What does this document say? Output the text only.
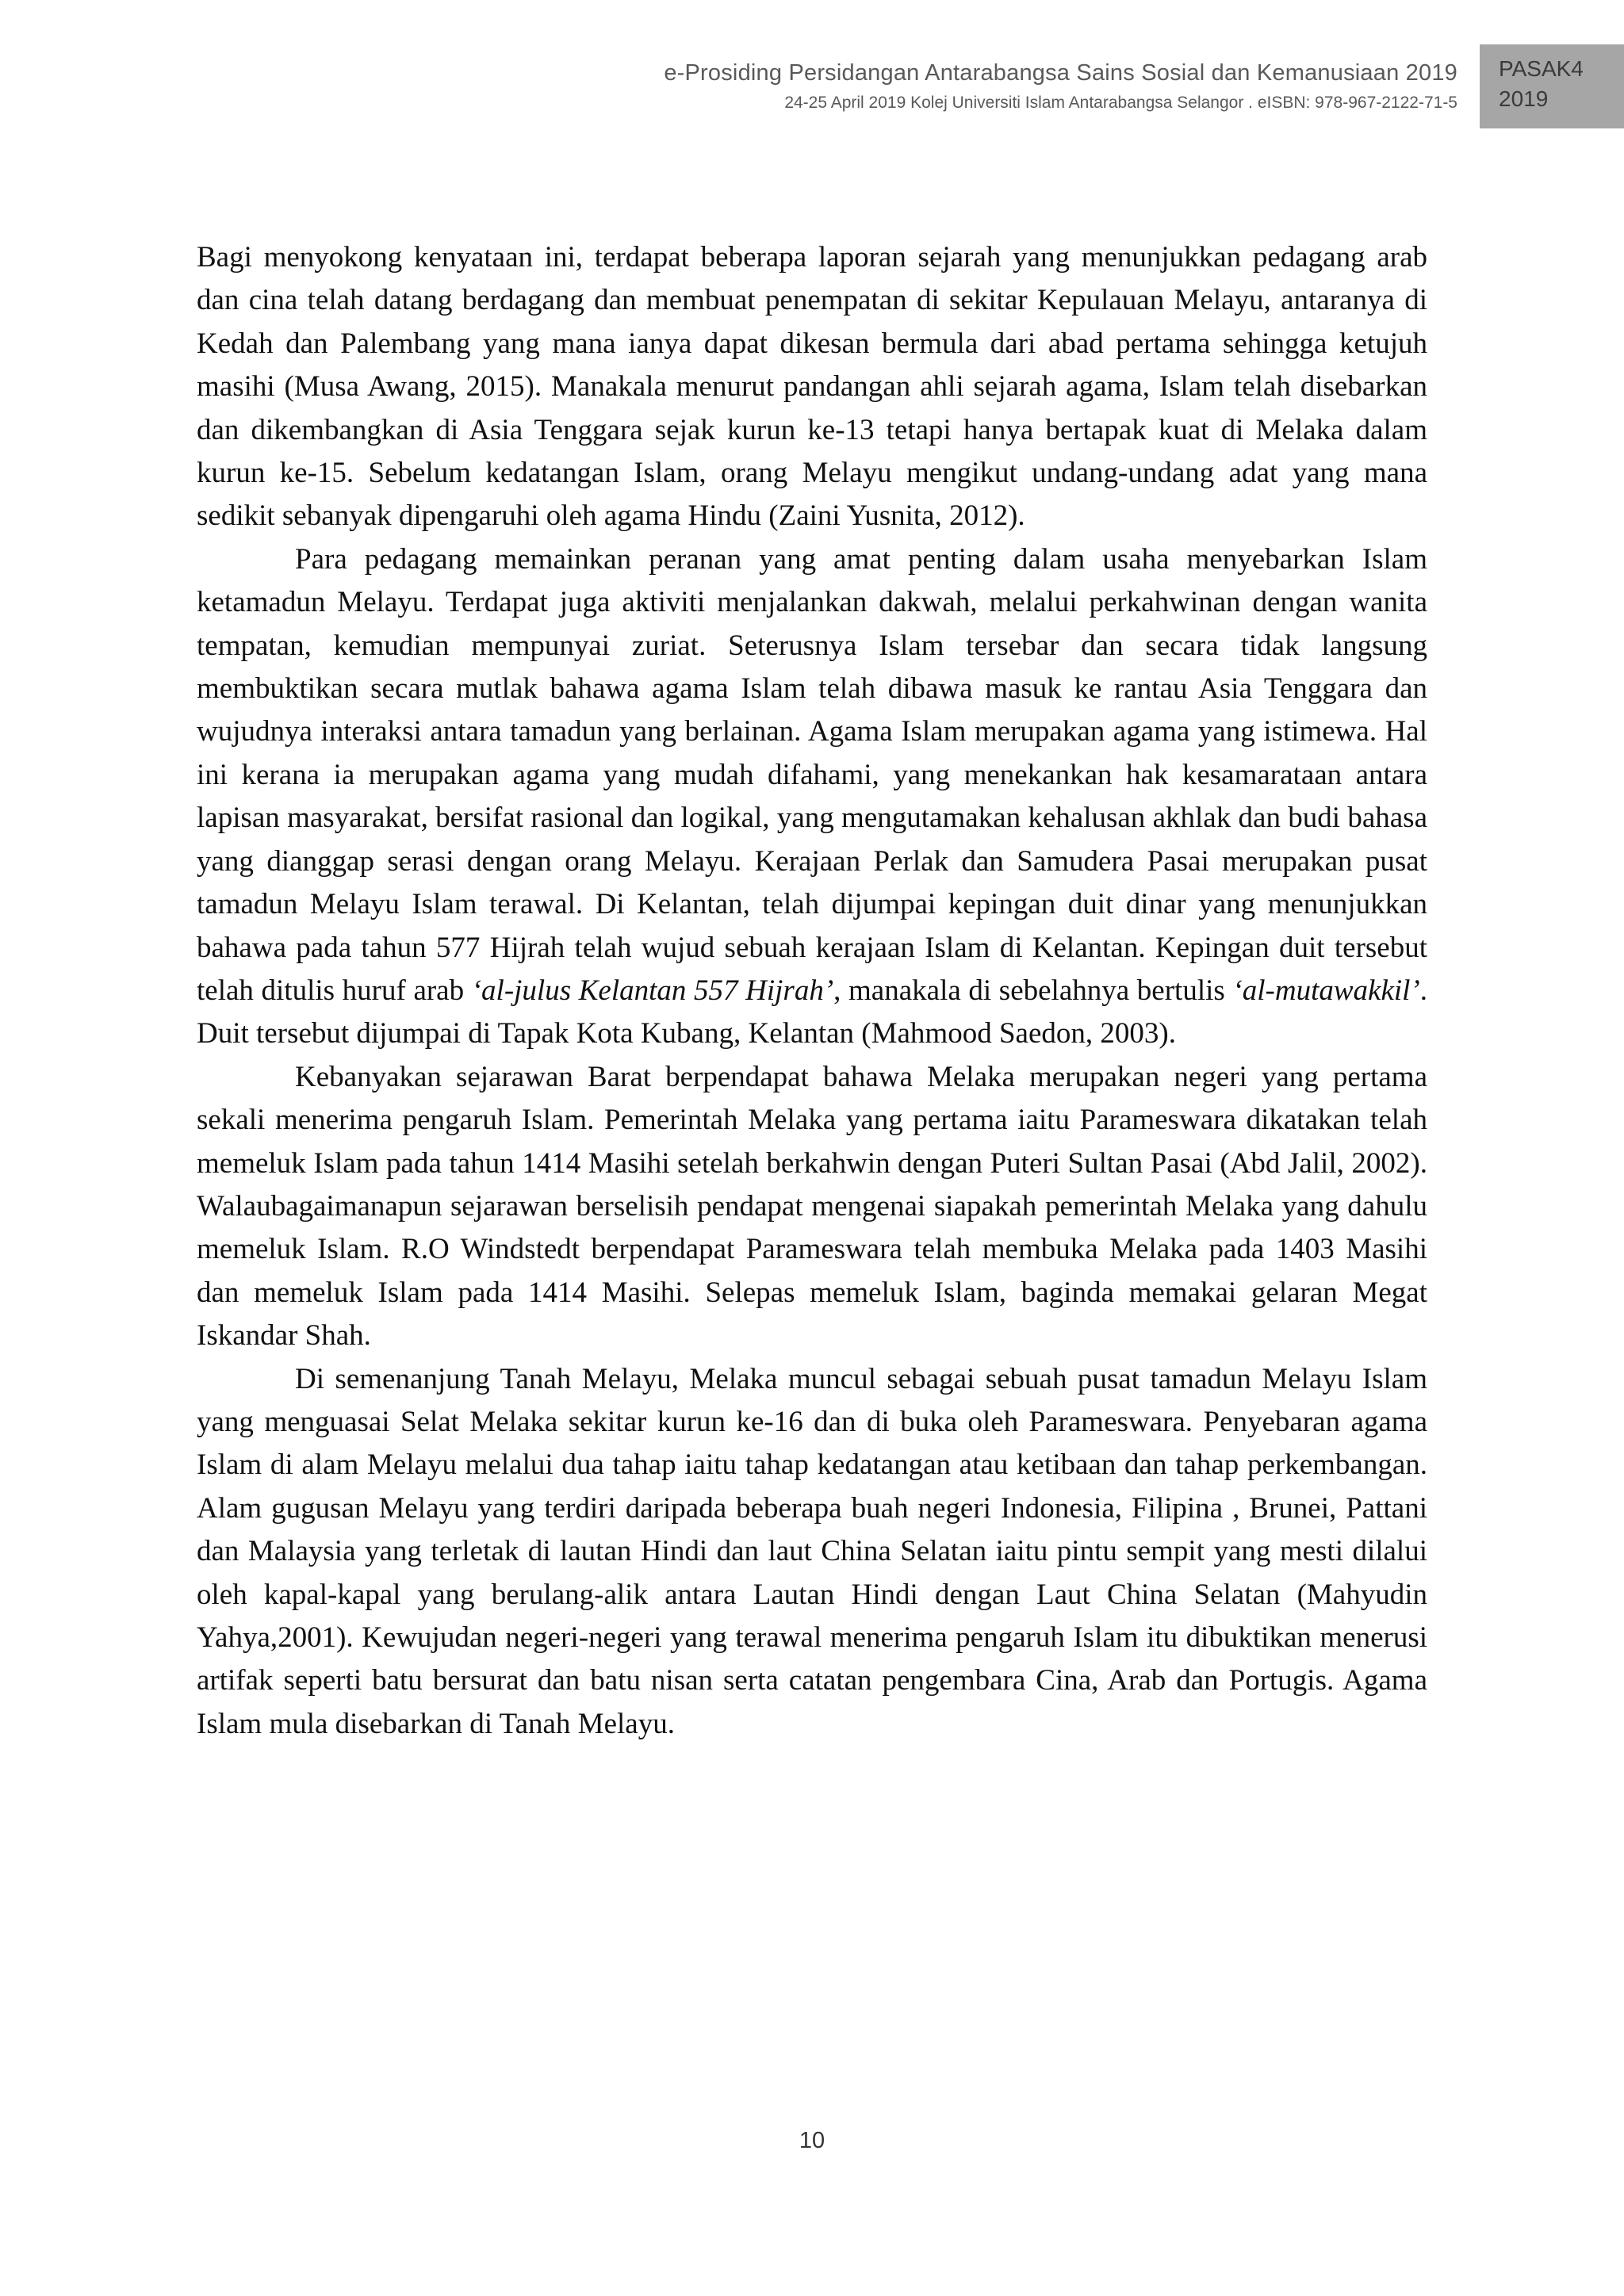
e-Prosiding Persidangan Antarabangsa Sains Sosial dan Kemanusiaan 2019
24-25 April 2019 Kolej Universiti Islam Antarabangsa Selangor . eISBN: 978-967-2122-71-5
PASAK4
2019

Bagi menyokong kenyataan ini, terdapat beberapa laporan sejarah yang menunjukkan pedagang arab dan cina telah datang berdagang dan membuat penempatan di sekitar Kepulauan Melayu, antaranya di Kedah dan Palembang yang mana ianya dapat dikesan bermula dari abad pertama sehingga ketujuh masihi (Musa Awang, 2015). Manakala menurut pandangan ahli sejarah agama, Islam telah disebarkan dan dikembangkan di Asia Tenggara sejak kurun ke-13 tetapi hanya bertapak kuat di Melaka dalam kurun ke-15. Sebelum kedatangan Islam, orang Melayu mengikut undang-undang adat yang mana sedikit sebanyak dipengaruhi oleh agama Hindu (Zaini Yusnita, 2012).

Para pedagang memainkan peranan yang amat penting dalam usaha menyebarkan Islam ketamadun Melayu. Terdapat juga aktiviti menjalankan dakwah, melalui perkahwinan dengan wanita tempatan, kemudian mempunyai zuriat. Seterusnya Islam tersebar dan secara tidak langsung membuktikan secara mutlak bahawa agama Islam telah dibawa masuk ke rantau Asia Tenggara dan wujudnya interaksi antara tamadun yang berlainan. Agama Islam merupakan agama yang istimewa. Hal ini kerana ia merupakan agama yang mudah difahami, yang menekankan hak kesamarataan antara lapisan masyarakat, bersifat rasional dan logikal, yang mengutamakan kehalusan akhlak dan budi bahasa yang dianggap serasi dengan orang Melayu. Kerajaan Perlak dan Samudera Pasai merupakan pusat tamadun Melayu Islam terawal. Di Kelantan, telah dijumpai kepingan duit dinar yang menunjukkan bahawa pada tahun 577 Hijrah telah wujud sebuah kerajaan Islam di Kelantan. Kepingan duit tersebut telah ditulis huruf arab ‘al-julus Kelantan 557 Hijrah’, manakala di sebelahnya bertulis ‘al-mutawakkil’. Duit tersebut dijumpai di Tapak Kota Kubang, Kelantan (Mahmood Saedon, 2003).

Kebanyakan sejarawan Barat berpendapat bahawa Melaka merupakan negeri yang pertama sekali menerima pengaruh Islam. Pemerintah Melaka yang pertama iaitu Parameswara dikatakan telah memeluk Islam pada tahun 1414 Masihi setelah berkahwin dengan Puteri Sultan Pasai (Abd Jalil, 2002). Walaubagaimanapun sejarawan berselisih pendapat mengenai siapakah pemerintah Melaka yang dahulu memeluk Islam. R.O Windstedt berpendapat Parameswara telah membuka Melaka pada 1403 Masihi dan memeluk Islam pada 1414 Masihi. Selepas memeluk Islam, baginda memakai gelaran Megat Iskandar Shah.

Di semenanjung Tanah Melayu, Melaka muncul sebagai sebuah pusat tamadun Melayu Islam yang menguasai Selat Melaka sekitar kurun ke-16 dan di buka oleh Parameswara. Penyebaran agama Islam di alam Melayu melalui dua tahap iaitu tahap kedatangan atau ketibaan dan tahap perkembangan. Alam gugusan Melayu yang terdiri daripada beberapa buah negeri Indonesia, Filipina , Brunei, Pattani dan Malaysia yang terletak di lautan Hindi dan laut China Selatan iaitu pintu sempit yang mesti dilalui oleh kapal-kapal yang berulang-alik antara Lautan Hindi dengan Laut China Selatan (Mahyudin Yahya,2001). Kewujudan negeri-negeri yang terawal menerima pengaruh Islam itu dibuktikan menerusi artifak seperti batu bersurat dan batu nisan serta catatan pengembara Cina, Arab dan Portugis. Agama Islam mula disebarkan di Tanah Melayu.

10
